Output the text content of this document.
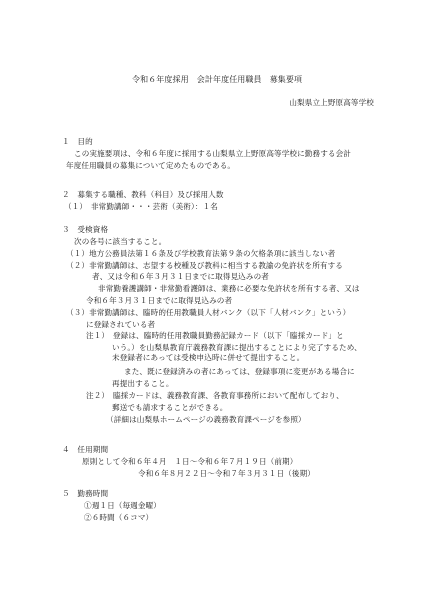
令和６年度採用　会計年度任用職員　募集要項
山梨県立上野原高等学校
１　目的
この実施要項は、令和６年度に採用する山梨県立上野原高等学校に勤務する会計
年度任用職員の募集について定めたものである。
２　募集する職種、教科（科目）及び採用人数
（１）　非常勤講師・・・芸術（美術）：１名
３　受検資格
次の各号に該当すること。
（１）地方公務員法第１６条及び学校教育法第９条の欠格条項に該当しない者
（２）非常勤講師は、志望する校種及び教科に相当する教諭の免許状を所有する
者、又は令和６年３月３１日までに取得見込みの者
非常勤養護講師・非常勤看護師は、業務に必要な免許状を所有する者、又は
令和６年３月３１日までに取得見込みの者
（３）非常勤講師は、臨時的任用教職員人材バンク（以下「人材バンク」という）
に登録されている者
注１）　登録は、臨時的任用教職員勤務記録カード（以下「臨採カード」と
いう。）を山梨県教育庁義務教育課に提出することにより完了するため、未登録者にあっては受検申込時に併せて提出すること。
また、既に登録済みの者にあっては、登録事項に変更がある場合に
再提出すること。
注２）　臨採カードは、義務教育課、各教育事務所において配布しており、
郵送でも請求することができる。
（詳細は山梨県ホームページの義務教育課ページを参照）
４　任用期間
原則として令和６年４月　１日～令和６年７月１９日（前期）
令和６年８月２２日～令和７年３月３１日（後期）
５　勤務時間
①週１日（毎週金曜）
②６時間（６コマ）
